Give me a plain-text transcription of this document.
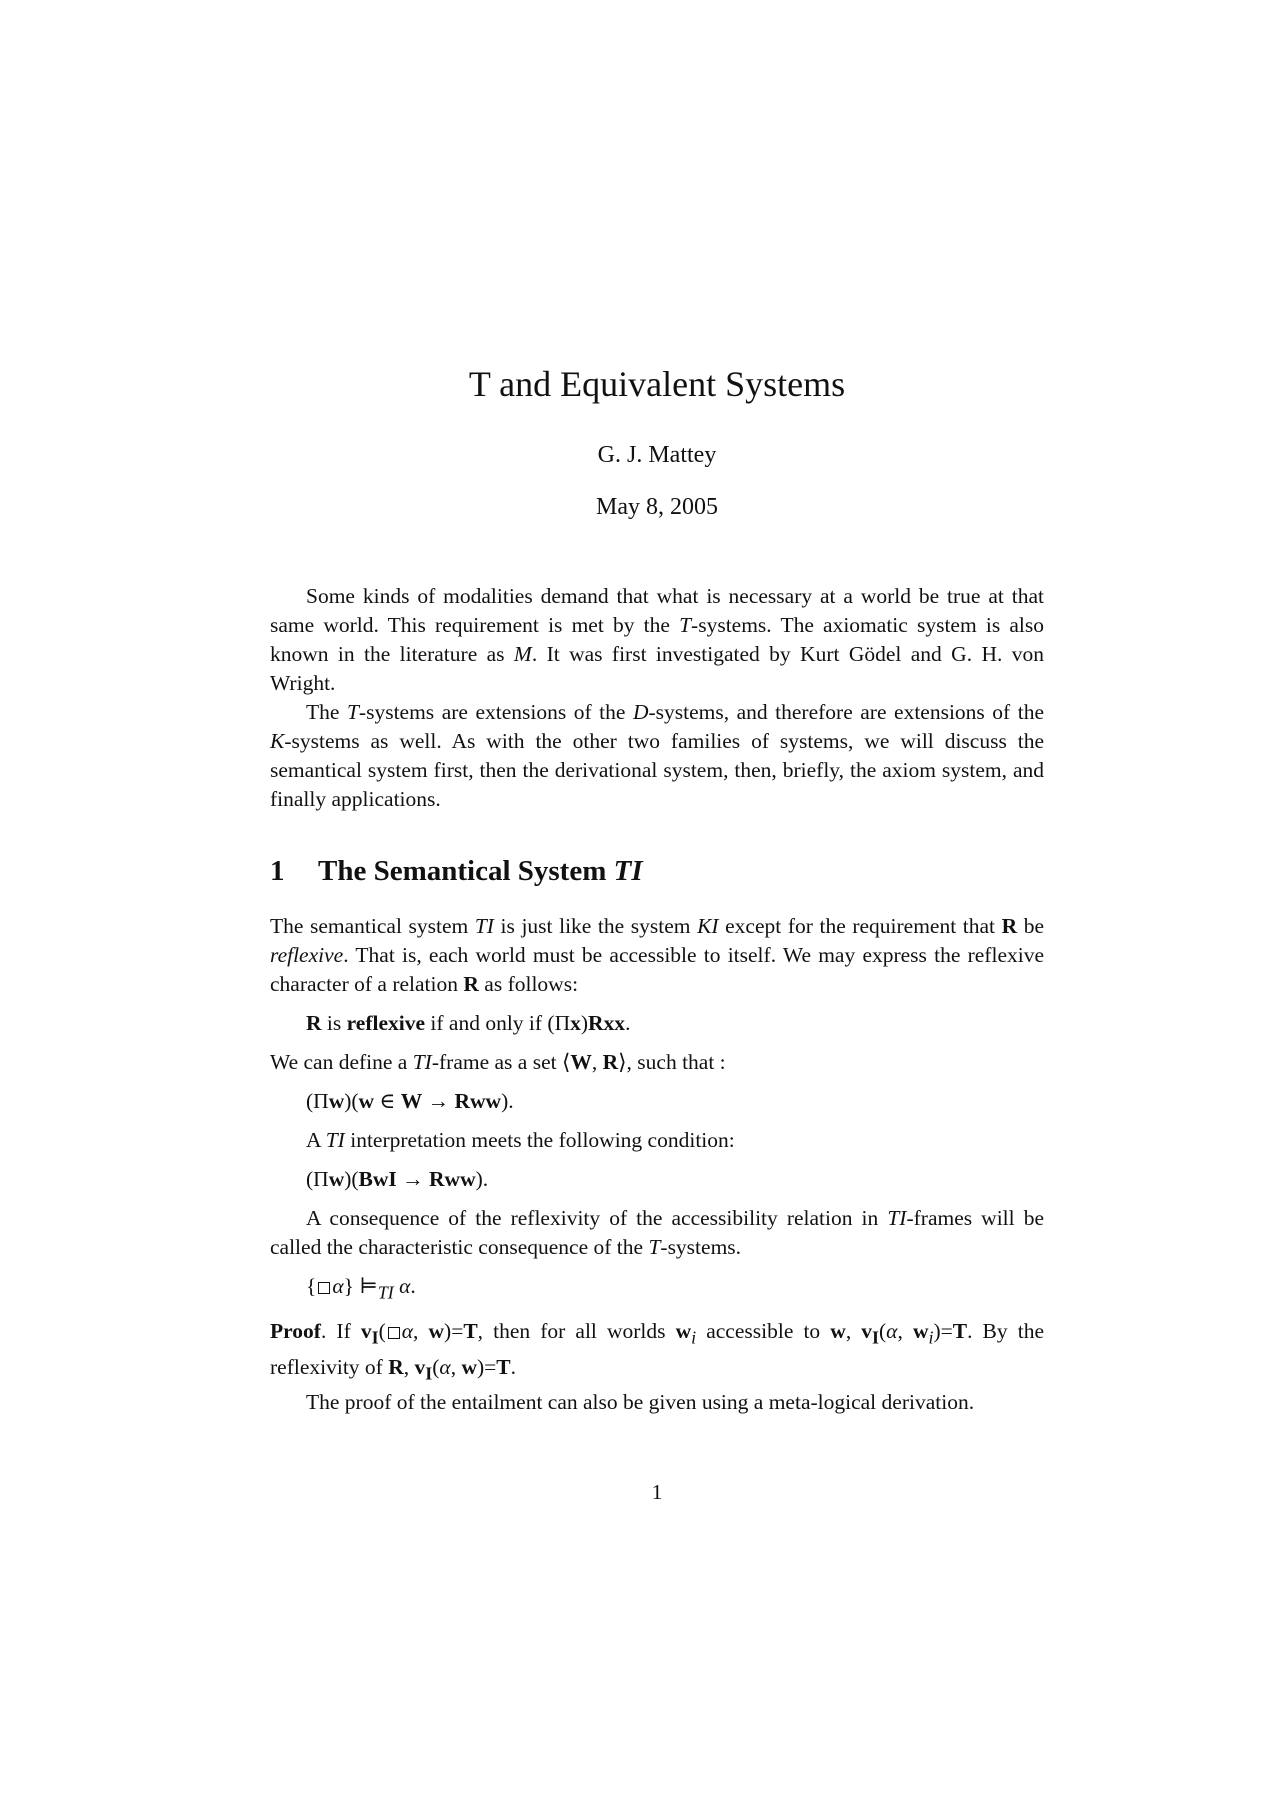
T and Equivalent Systems
G. J. Mattey
May 8, 2005

Some kinds of modalities demand that what is necessary at a world be true at that same world. This requirement is met by the T-systems. The axiomatic system is also known in the literature as M. It was first investigated by Kurt Gödel and G. H. von Wright.

The T-systems are extensions of the D-systems, and therefore are extensions of the K-systems as well. As with the other two families of systems, we will discuss the semantical system first, then the derivational system, then, briefly, the axiom system, and finally applications.

1 The Semantical System TI

The semantical system TI is just like the system KI except for the requirement that R be reflexive. That is, each world must be accessible to itself. We may express the reflexive character of a relation R as follows:

R is reflexive if and only if (Πx)Rxx.

We can define a TI-frame as a set ⟨W, R⟩, such that :

(Πw)(w ∈ W → Rww).

A TI interpretation meets the following condition:

(Πw)(BwI → Rww).

A consequence of the reflexivity of the accessibility relation in TI-frames will be called the characteristic consequence of the T-systems.

{ α} $⊨_{TI}$ α.

Proof. If $v_I$( α, w)=T, then for all worlds $w_i$ accessible to w, $v_I(\alpha$, $w_i)=T$. By the reflexivity of R, $v_I(\alpha$, w)=T.

The proof of the entailment can also be given using a meta-logical derivation.

1
